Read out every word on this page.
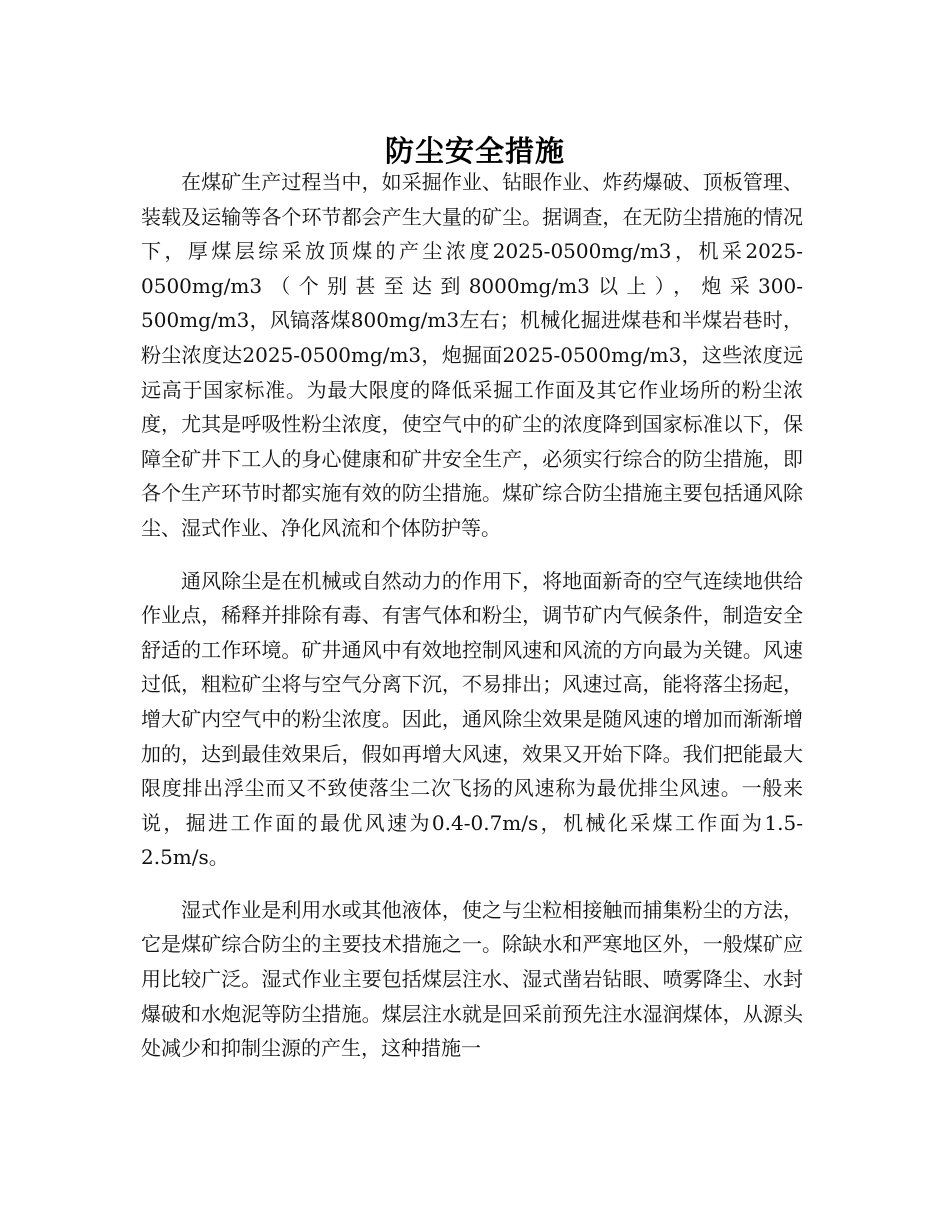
防尘安全措施

在煤矿生产过程当中，如采掘作业、钻眼作业、炸药爆破、顶板管理、装载及运输等各个环节都会产生大量的矿尘。据调查，在无防尘措施的情况下，厚煤层综采放顶煤的产尘浓度2025-0500mg/m3，机采2025-0500mg/m3（个别甚至达到8000mg/m3以上），炮采300-500mg/m3，风镐落煤800mg/m3左右；机械化掘进煤巷和半煤岩巷时，粉尘浓度达2025-0500mg/m3，炮掘面2025-0500mg/m3，这些浓度远远高于国家标准。为最大限度的降低采掘工作面及其它作业场所的粉尘浓度，尤其是呼吸性粉尘浓度，使空气中的矿尘的浓度降到国家标准以下，保障全矿井下工人的身心健康和矿井安全生产，必须实行综合的防尘措施，即各个生产环节时都实施有效的防尘措施。煤矿综合防尘措施主要包括通风除尘、湿式作业、净化风流和个体防护等。

通风除尘是在机械或自然动力的作用下，将地面新奇的空气连续地供给作业点，稀释并排除有毒、有害气体和粉尘，调节矿内气候条件，制造安全舒适的工作环境。矿井通风中有效地控制风速和风流的方向最为关键。风速过低，粗粒矿尘将与空气分离下沉，不易排出；风速过高，能将落尘扬起，增大矿内空气中的粉尘浓度。因此，通风除尘效果是随风速的增加而渐渐增加的，达到最佳效果后，假如再增大风速，效果又开始下降。我们把能最大限度排出浮尘而又不致使落尘二次飞扬的风速称为最优排尘风速。一般来说，掘进工作面的最优风速为0.4-0.7m/s，机械化采煤工作面为1.5-2.5m/s。

湿式作业是利用水或其他液体，使之与尘粒相接触而捕集粉尘的方法，它是煤矿综合防尘的主要技术措施之一。除缺水和严寒地区外，一般煤矿应用比较广泛。湿式作业主要包括煤层注水、湿式凿岩钻眼、喷雾降尘、水封爆破和水炮泥等防尘措施。煤层注水就是回采前预先注水湿润煤体，从源头处减少和抑制尘源的产生，这种措施一
